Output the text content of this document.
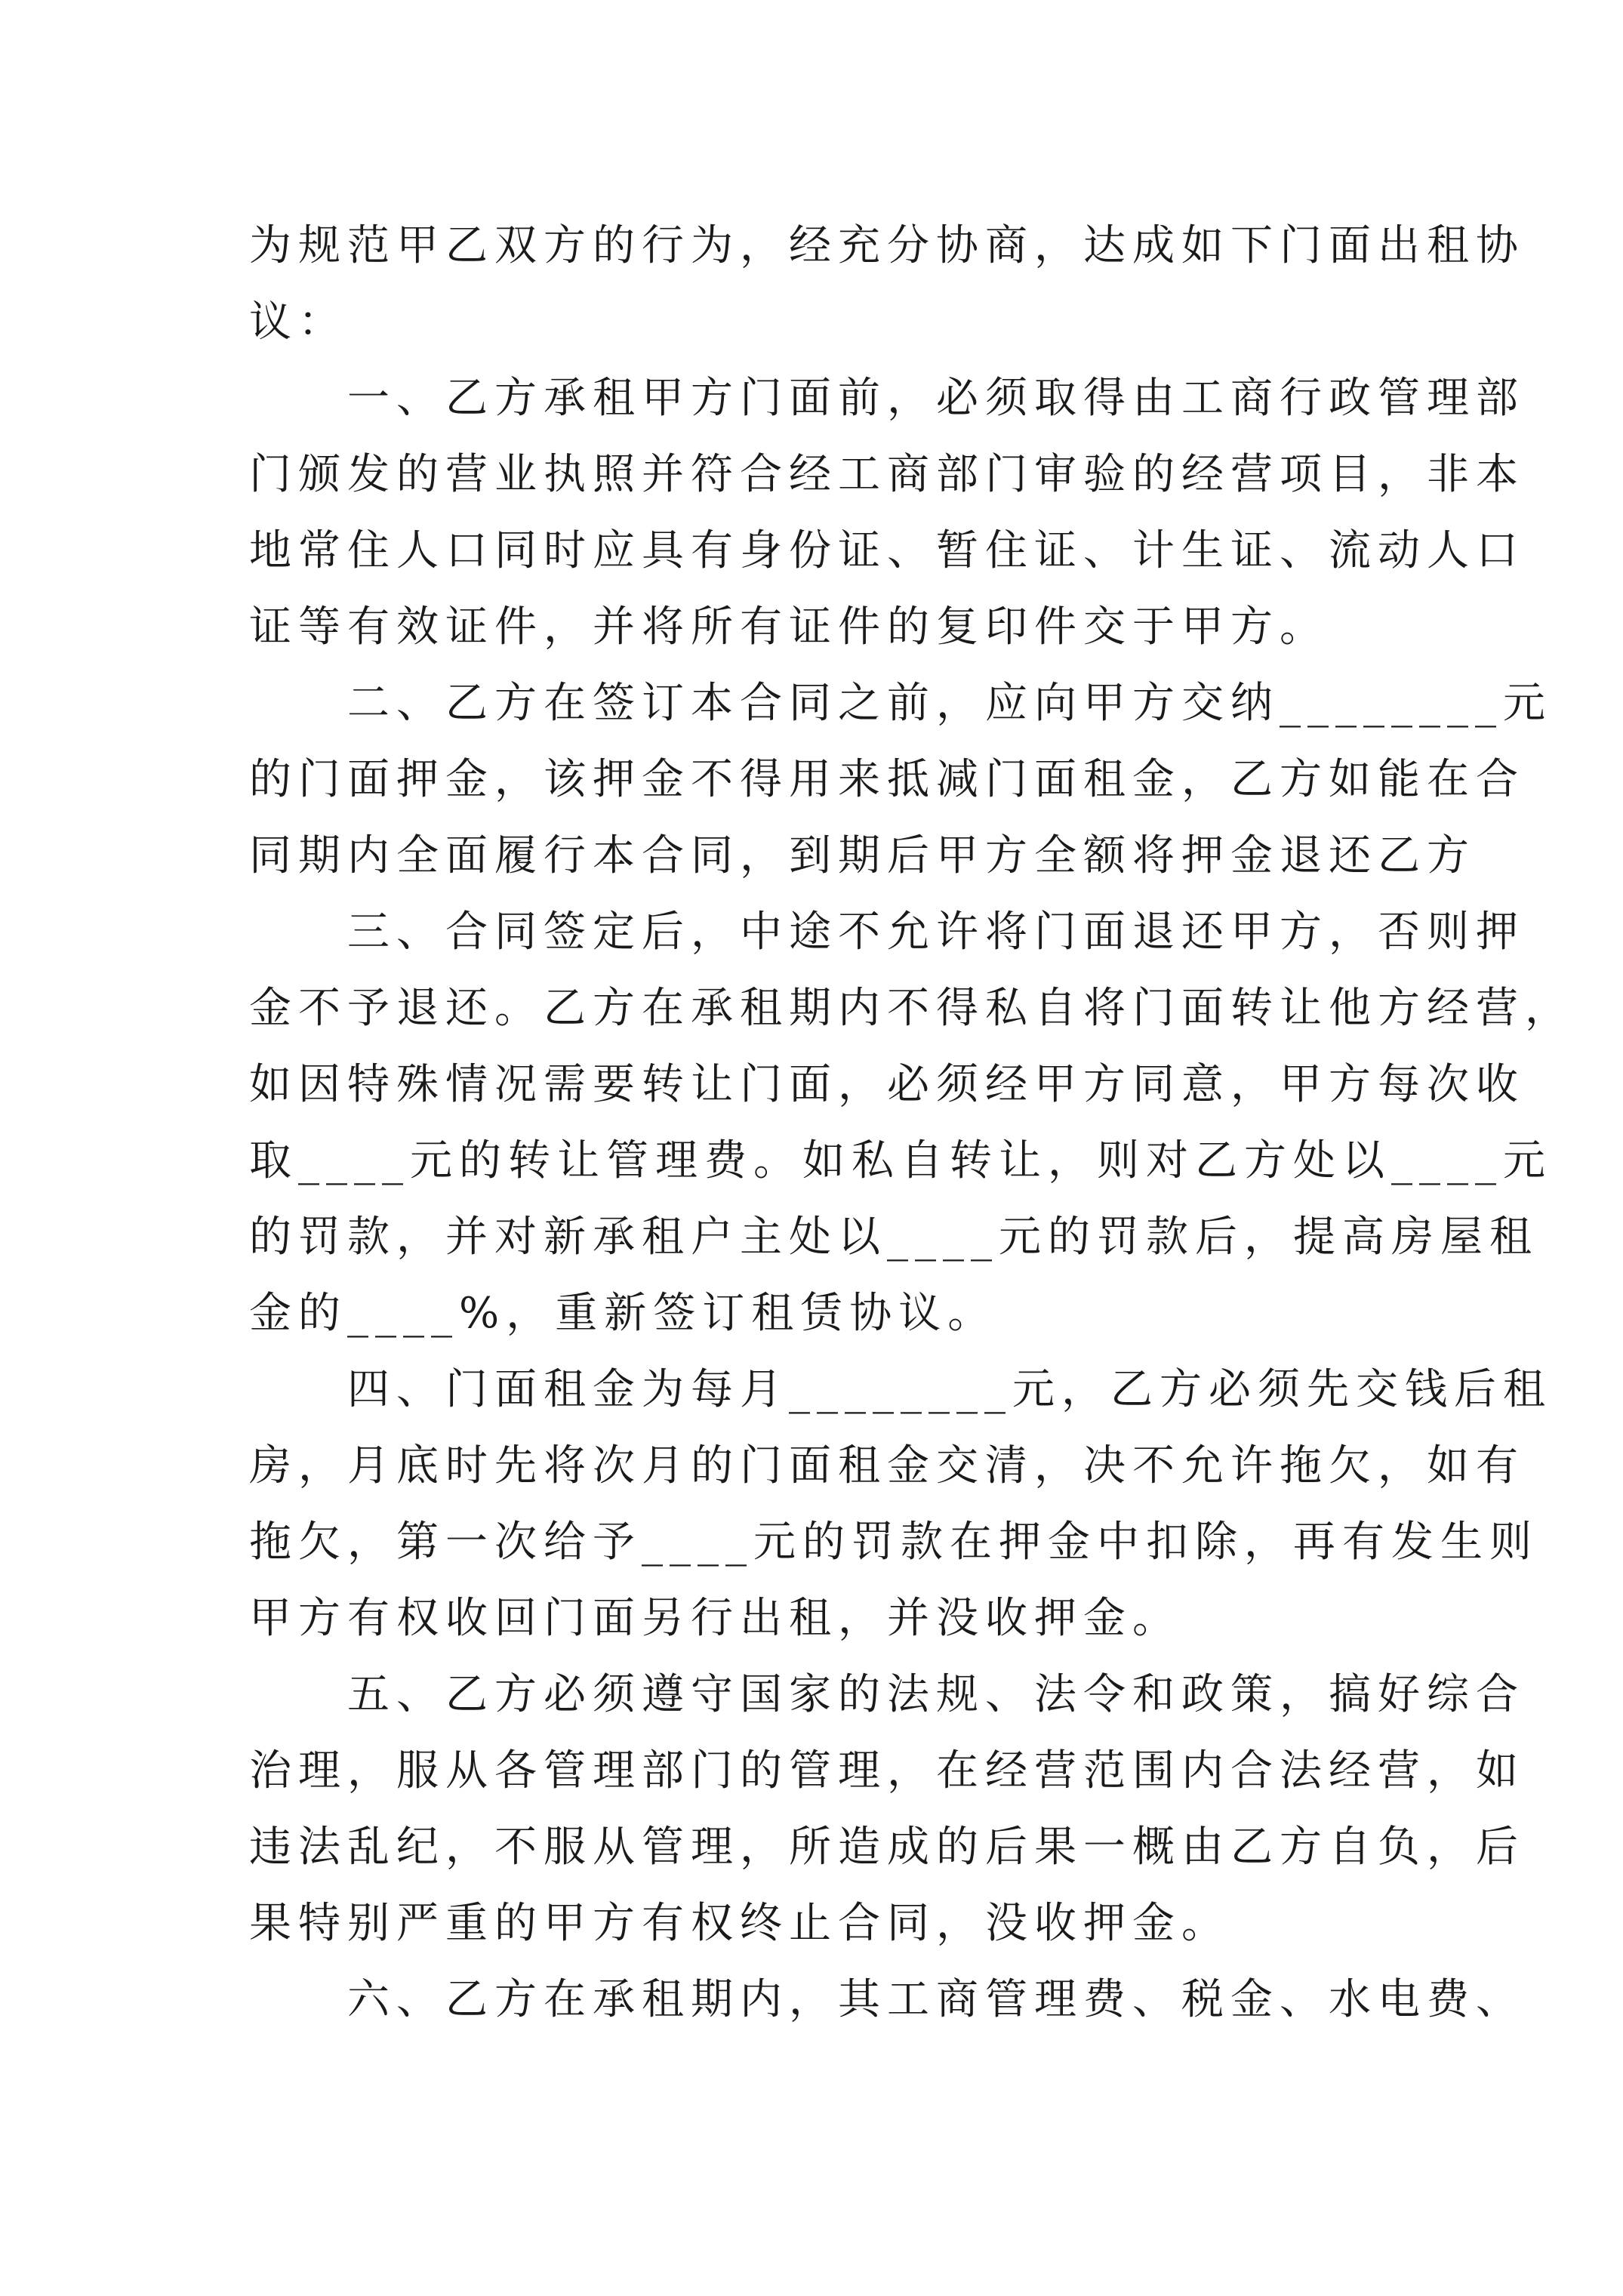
为规范甲乙双方的行为，经充分协商，达成如下门面出租协
议：
　　一、乙方承租甲方门面前，必须取得由工商行政管理部
门颁发的营业执照并符合经工商部门审验的经营项目，非本
地常住人口同时应具有身份证、暂住证、计生证、流动人口
证等有效证件，并将所有证件的复印件交于甲方。
　　二、乙方在签订本合同之前，应向甲方交纳________元
的门面押金，该押金不得用来抵减门面租金，乙方如能在合
同期内全面履行本合同，到期后甲方全额将押金退还乙方
　　三、合同签定后，中途不允许将门面退还甲方，否则押
金不予退还。乙方在承租期内不得私自将门面转让他方经营，
如因特殊情况需要转让门面，必须经甲方同意，甲方每次收
取____元的转让管理费。如私自转让，则对乙方处以____元
的罚款，并对新承租户主处以____元的罚款后，提高房屋租
金的____%，重新签订租赁协议。
　　四、门面租金为每月________元，乙方必须先交钱后租
房，月底时先将次月的门面租金交清，决不允许拖欠，如有
拖欠，第一次给予____元的罚款在押金中扣除，再有发生则
甲方有权收回门面另行出租，并没收押金。
　　五、乙方必须遵守国家的法规、法令和政策，搞好综合
治理，服从各管理部门的管理，在经营范围内合法经营，如
违法乱纪，不服从管理，所造成的后果一概由乙方自负，后
果特别严重的甲方有权终止合同，没收押金。
　　六、乙方在承租期内，其工商管理费、税金、水电费、
